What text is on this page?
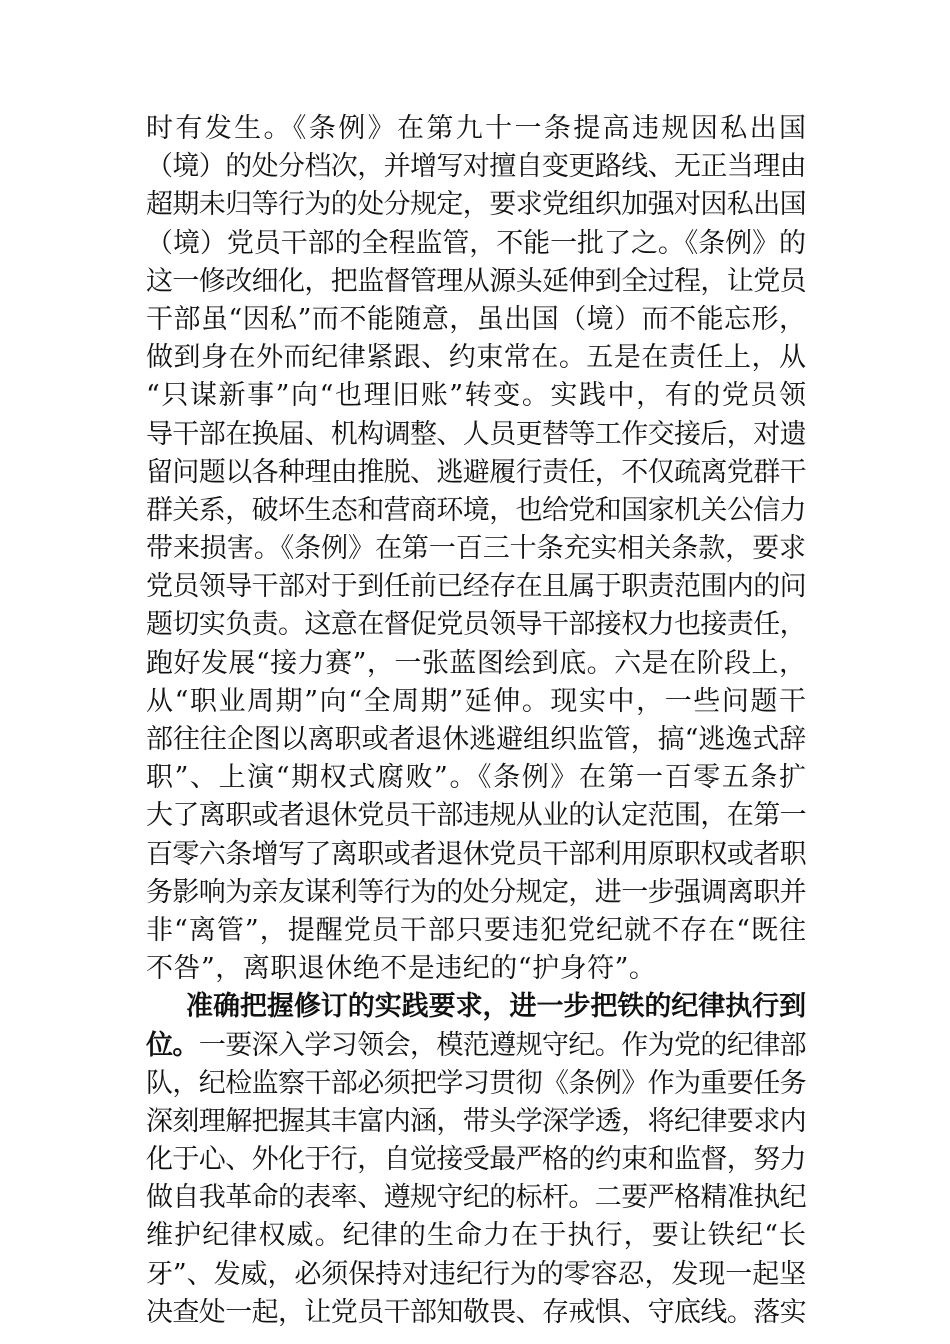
时有发生。《条例》在第九十一条提高违规因私出国
（境）的处分档次，并增写对擅自变更路线、无正当理由
超期未归等行为的处分规定，要求党组织加强对因私出国
（境）党员干部的全程监管，不能一批了之。《条例》的
这一修改细化，把监督管理从源头延伸到全过程，让党员
干部虽“因私”而不能随意，虽出国（境）而不能忘形，
做到身在外而纪律紧跟、约束常在。五是在责任上，从
“只谋新事”向“也理旧账”转变。实践中，有的党员领
导干部在换届、机构调整、人员更替等工作交接后，对遗
留问题以各种理由推脱、逃避履行责任，不仅疏离党群干
群关系，破坏生态和营商环境，也给党和国家机关公信力
带来损害。《条例》在第一百三十条充实相关条款，要求
党员领导干部对于到任前已经存在且属于职责范围内的问
题切实负责。这意在督促党员领导干部接权力也接责任，
跑好发展“接力赛”，一张蓝图绘到底。六是在阶段上，
从“职业周期”向“全周期”延伸。现实中，一些问题干
部往往企图以离职或者退休逃避组织监管，搞“逃逸式辞
职”、上演“期权式腐败”。《条例》在第一百零五条扩
大了离职或者退休党员干部违规从业的认定范围，在第一
百零六条增写了离职或者退休党员干部利用原职权或者职
务影响为亲友谋利等行为的处分规定，进一步强调离职并
非“离管”，提醒党员干部只要违犯党纪就不存在“既往
不咎”，离职退休绝不是违纪的“护身符”。
准确把握修订的实践要求，进一步把铁的纪律执行到
位。一要深入学习领会，模范遵规守纪。作为党的纪律部
队，纪检监察干部必须把学习贯彻《条例》作为重要任务
深刻理解把握其丰富内涵，带头学深学透，将纪律要求内
化于心、外化于行，自觉接受最严格的约束和监督，努力
做自我革命的表率、遵规守纪的标杆。二要严格精准执纪
维护纪律权威。纪律的生命力在于执行，要让铁纪“长
牙”、发威，必须保持对违纪行为的零容忍，发现一起坚
决查处一起，让党员干部知敬畏、存戒惧、守底线。落实
